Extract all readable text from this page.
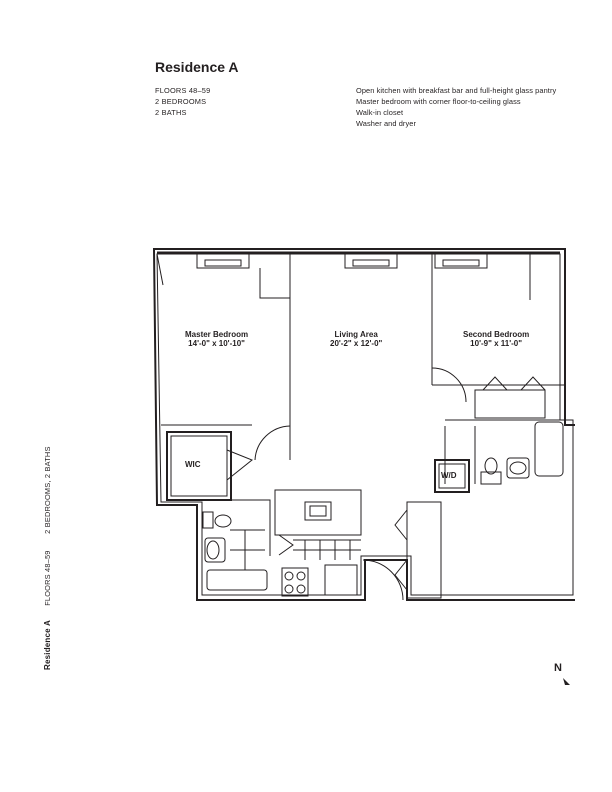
Residence A
FLOORS 48–59
2 BEDROOMS
2 BATHS
Open kitchen with breakfast bar and full-height glass pantry
Master bedroom with corner floor-to-ceiling glass
Walk-in closet
Washer and dryer
Residence A FLOORS 48–59  2 BEDROOMS, 2 BATHS
Master Bedroom
14'-0" x 10'-10"
Living Area
20'-2" x 12'-0"
Second Bedroom
10'-9" x 11'-0"
WIC
W/D
N
